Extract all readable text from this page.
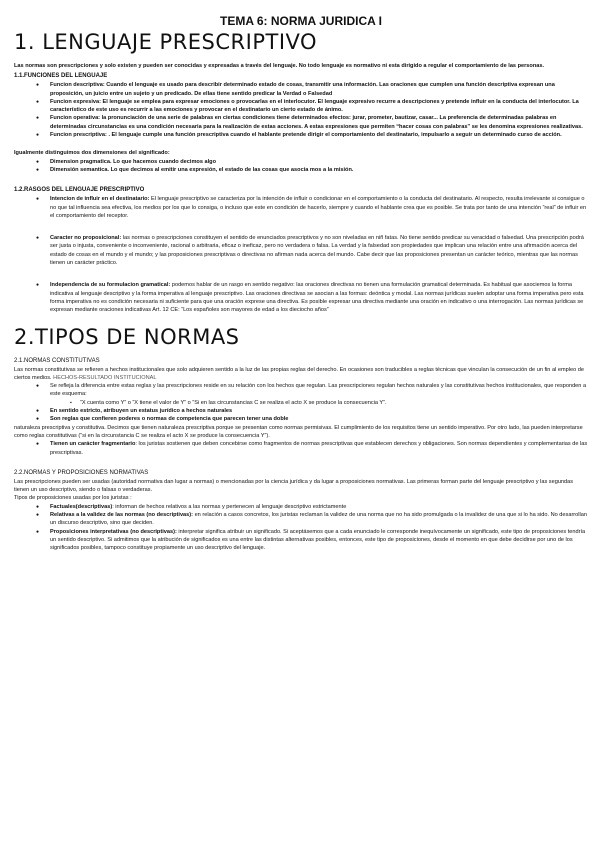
TEMA 6: NORMA JURIDICA I
1. LENGUAJE PRESCRIPTIVO

Las normas son prescripciones y solo existen y pueden ser conocidas y expresadas a través del lenguaje. No todo lenguaje es normativo ni esta dirigido a regular el comportamiento de las personas.

1.1.FUNCIONES DEL LENGUAJE
● Funcion descriptiva: Cuando el lenguaje es usado para describir determinado estado de cosas, transmitir una información. Las oraciones que cumplen una función descriptiva expresan una proposición, un juicio entre un sujeto y un predicado. De ellas tiene sentido predicar la Verdad o Falsedad
● Funcion expresiva: El lenguaje se emplea para expresar emociones o provocarlas en el interlocutor. El lenguaje expresivo recurre a descripciones y pretende influir en la conducta del interlocutor. La característico de este uso es recurrir a las emociones y provocar en el destinatario un cierto estado de ánimo.
● Funcion operativa: la pronunciación de una serie de palabras en ciertas condiciones tiene determinados efectos: jurar, prometer, bautizar, casar... La preferencia de determinadas palabras en determinadas circunstancias es una condición necesaria para la realización de estas acciones. A estas expresiones que permiten “hacer cosas con palabras” se les denomina expresiones realizativas.
● Funcion prescriptiva: . El lenguaje cumple una función prescriptiva cuando el hablante pretende dirigir el comportamiento del destinatario, impulsarlo a seguir un determinado curso de acción.

Igualmente distinguimos dos dimensiones del significado:

● Dimension pragmatica. Lo que hacemos cuando decimos algo
● Dimensión semantica. Lo que decimos al emitir una expresión, el estado de las cosas que asocia mos a la misión.
1.2.RASGOS DEL LENGUAJE PRESCRIPTIVO
● Intencion de influir en el destinatario: El lenguaje prescriptivo se caracteriza por la intención de influir o condicionar en el comportamiento o la conducta del destinatario. Al respecto, resulta irrelevante si consigue o no que tal influencia sea efectiva, los medios por los que lo consiga, o incluso que este en condición de hacerlo, siempre y cuando el hablante crea que es posible. Se trata por tanto de una intención “real” de influir en el comportamiento del receptor.
● Caracter no proposicional: las normas o prescripciones constituyen el sentido de enunciados prescriptivos y no son niveladas en niñ fatas. No tiene sentido predicar su veracidad o falsedad. Una prescripción podrá ser justa o injusta, conveniente o inconveniente, racional o arbitraria, eficaz o ineficaz, pero no verdadera o falsa. La verdad y la falsedad son propiedades que implican una relación entre una afirmación acerca del estado de cosas en el mundo y el mundo; y las proposiciones prescriptivas o directivas no afirman nada acerca del mundo. Cabe decir que las proposiciones presentan un carácter teórico, mientras que las normas tienen un carácter práctico.
● Independencia de su formulacion gramatical: podemos hablar de un rasgo en sentido negativo: las oraciones directivas no tienen una formulación gramatical determinada. Es habitual que asociemos la forma indicativa al lenguaje descriptivo y la forma imperativa al lenguaje prescriptivo. Las oraciones directivas se asocian a las formas: deóntica y modal. Las normas jurídicas suelen adoptar una forma imperativa pero esta forma imperativa no es condición necesaria ni suficiente para que una oración exprese una directiva. Es posible expresar una directiva mediante una oración en indicativo o una interrogación. Las normas jurídicas se expresan mediante oraciones indicativas Art. 12 CE: “Los españoles son mayores de edad a los dieciocho años”
2.TIPOS DE NORMAS
2.1.NORMAS CONSTITUTIVAS

Las normas constitutivas se refieren a hechos institucionales que solo adquieren sentido a la luz de las propias reglas del derecho. En ocasiones son traducibles a reglas técnicas que vinculan la consecución de un fin al empleo de ciertos medios. HECHOS-RESULTADO INSTITUCIONAL

● Se refleja la diferencia entre estas reglas y las prescripciones reside en su relación con los hechos que regulan. Las prescripciones regulan hechos naturales y las constitutivas hechos institucionales, que responden a este esquema:
▪ “X cuenta como Y” o “X tiene el valor de Y” o “Si en las circunstancias C se realiza el acto X se produce la consecuencia Y”.
● En sentido estricto, atribuyen un estatus jurídico a hechos naturales
● Son reglas que confieren poderes o normas de competencia que parecen tener una doble

naturaleza prescriptiva y constitutiva. Decimos que tienen naturaleza prescriptiva porque se presentan como normas permisivas. El cumplimiento de los requisitos tiene un sentido imperativo. Por otro lado, las pueden interpretarse como reglas constitutivas (“si en la circunstancia C se realiza el acto X se produce la consecuencia Y”).

● Tienen un carácter fragmentario: los juristas sostienen que deben concebirse como fragmentos de normas prescriptivas que establecen derechos y obligaciones. Son normas dependientes y complementarias de las prescriptivas.
2.2.NORMAS Y PROPOSICIONES NORMATIVAS

Las prescripciones pueden ser usadas (autoridad normativa dan lugar a normas) o mencionadas por la ciencia jurídica y da lugar a proposiciones normativas. Las primeras forman parte del lenguaje prescriptivo y las segundas tienen un uso descriptivo, siendo o falsas o verdaderas.

Tipos de proposiciones usadas por los juristas :

● Factuales(descriptivas): informan de hechos relativos a las normas y pertenecen al lenguaje descriptivo estrictamente
● Relativas a la validez de las normas (no descriptivas): en relación a casos concretos, los juristas reclaman la validez de una norma que no ha sido promulgada o la invalidez de una que si lo ha sido. No desarrollan un discurso descriptivo, sino que deciden.
● Proposiciones interpretativas (no descriptivas): interpretar significa atribuir un significado. Si aceptásemos que a cada enunciado le corresponde inequívocamente un significado, este tipo de proposiciones tendría un sentido descriptivo. Si admitimos que la atribución de significados es una entre las distintas alternativas posibles, entonces, este tipo de proposiciones, desde el momento en que debe decidirse por uno de los significados posibles, tampoco constituye propiamente un uso descriptivo del lenguaje.
